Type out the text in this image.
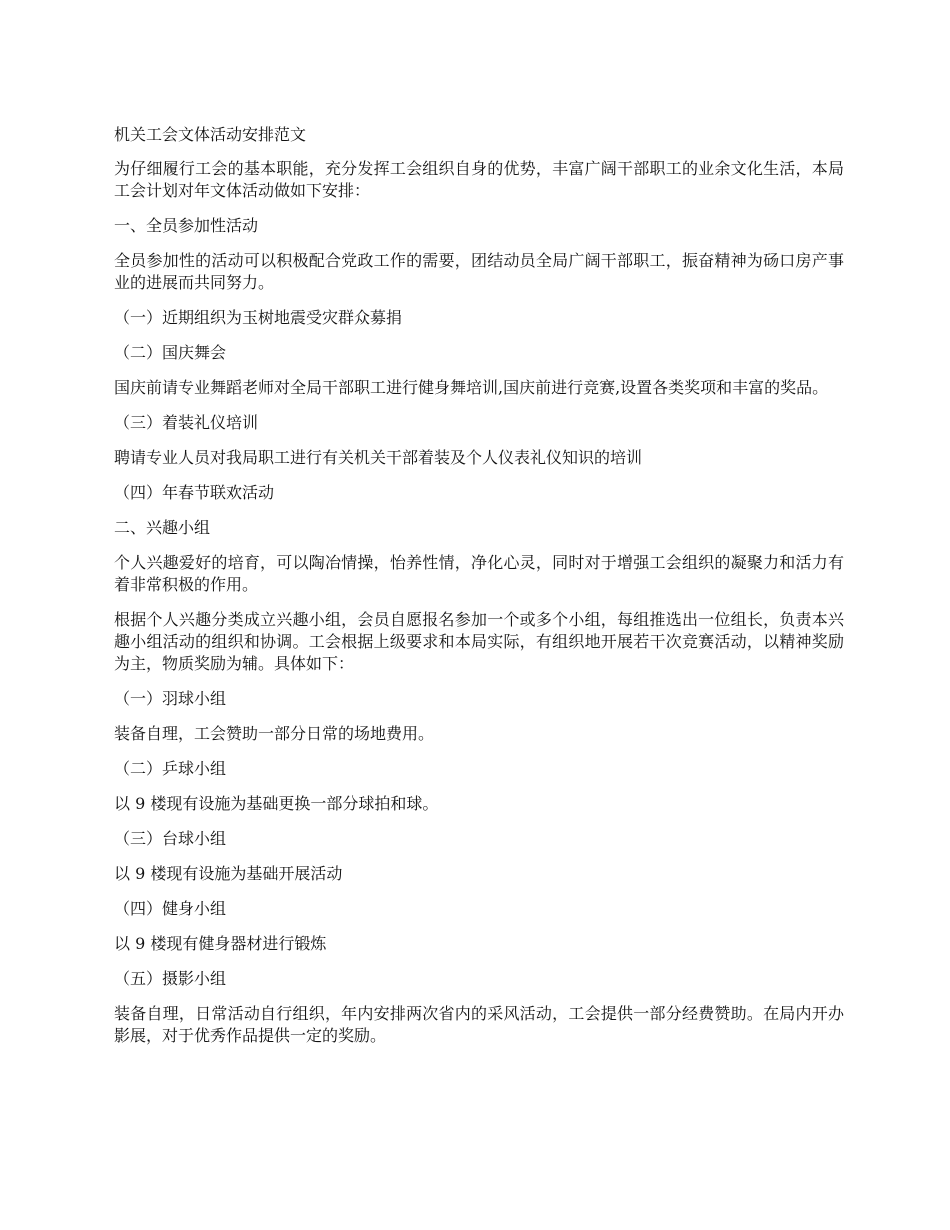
机关工会文体活动安排范文

为仔细履行工会的基本职能，充分发挥工会组织自身的优势，丰富广阔干部职工的业余文化生活，本局工会计划对年文体活动做如下安排：

一、全员参加性活动

全员参加性的活动可以积极配合党政工作的需要，团结动员全局广阔干部职工，振奋精神为砀口房产事业的进展而共同努力。

（一）近期组织为玉树地震受灾群众募捐

（二）国庆舞会

国庆前请专业舞蹈老师对全局干部职工进行健身舞培训,国庆前进行竞赛,设置各类奖项和丰富的奖品。

（三）着装礼仪培训

聘请专业人员对我局职工进行有关机关干部着装及个人仪表礼仪知识的培训

（四）年春节联欢活动

二、兴趣小组

个人兴趣爱好的培育，可以陶冶情操，怡养性情，净化心灵，同时对于增强工会组织的凝聚力和活力有着非常积极的作用。

根据个人兴趣分类成立兴趣小组，会员自愿报名参加一个或多个小组，每组推选出一位组长，负责本兴趣小组活动的组织和协调。工会根据上级要求和本局实际，有组织地开展若干次竞赛活动，以精神奖励为主，物质奖励为辅。具体如下：

（一）羽球小组

装备自理，工会赞助一部分日常的场地费用。

（二）乒球小组

以 9 楼现有设施为基础更换一部分球拍和球。

（三）台球小组

以 9 楼现有设施为基础开展活动

（四）健身小组

以 9 楼现有健身器材进行锻炼

（五）摄影小组

装备自理，日常活动自行组织，年内安排两次省内的采风活动，工会提供一部分经费赞助。在局内开办影展，对于优秀作品提供一定的奖励。
